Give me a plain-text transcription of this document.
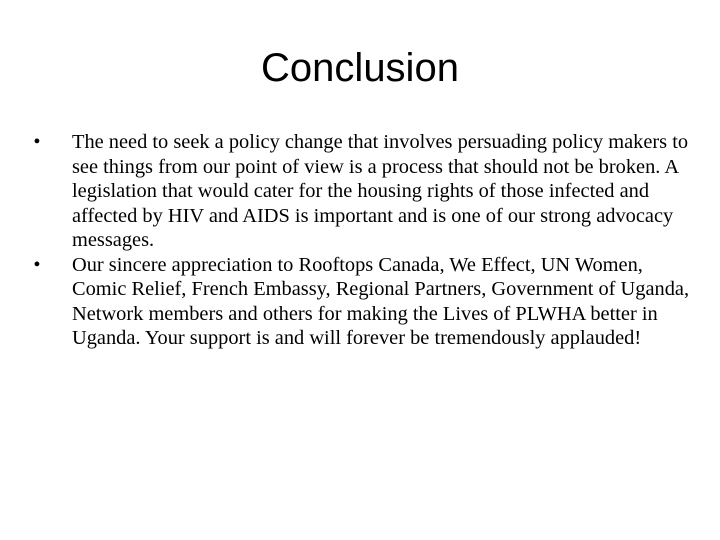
Conclusion
• The need to seek a policy change that involves persuading policy makers to see things from our point of view is a process that should not be broken. A legislation that would cater for the housing rights of those infected and affected by HIV and AIDS is important and is one of our strong advocacy messages.
• Our sincere appreciation to Rooftops Canada, We Effect, UN Women, Comic Relief, French Embassy, Regional Partners, Government of Uganda, Network members and others for making the Lives of PLWHA better in Uganda. Your support is and will forever be tremendously applauded!
